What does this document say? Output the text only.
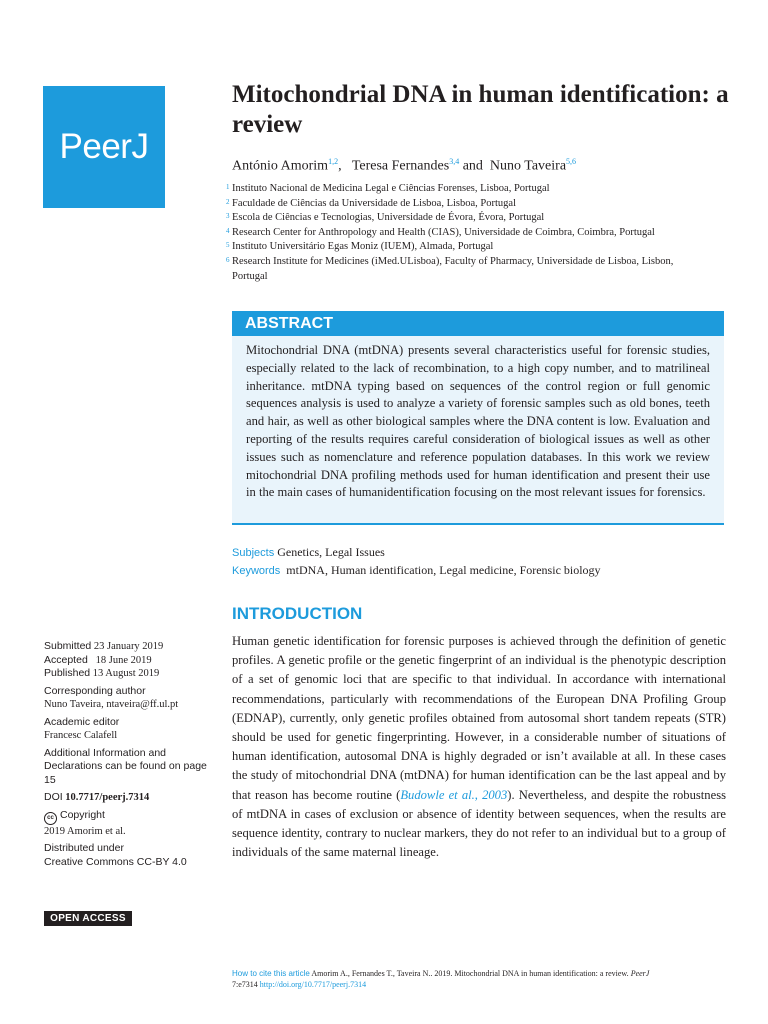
PeerJ
Mitochondrial DNA in human identification: a review

António Amorim$^{1,2}$,   Teresa Fernandes$^{3,4}$ and  Nuno Taveira$^{5,6}$

1 Instituto Nacional de Medicina Legal e Ciências Forenses, Lisboa, Portugal
2 Faculdade de Ciências da Universidade de Lisboa, Lisboa, Portugal
3 Escola de Ciências e Tecnologias, Universidade de Évora, Évora, Portugal
4 Research Center for Anthropology and Health (CIAS), Universidade de Coimbra, Coimbra, Portugal
5 Instituto Universitário Egas Moniz (IUEM), Almada, Portugal
6 Research Institute for Medicines (iMed.ULisboa), Faculty of Pharmacy, Universidade de Lisboa, Lisbon, Portugal
ABSTRACT
Mitochondrial DNA (mtDNA) presents several characteristics useful for forensic studies, especially related to the lack of recombination, to a high copy number, and to matrilineal inheritance. mtDNA typing based on sequences of the control region or full genomic sequences analysis is used to analyze a variety of forensic samples such as old bones, teeth and hair, as well as other biological samples where the DNA content is low. Evaluation and reporting of the results requires careful consideration of biological issues as well as other issues such as nomenclature and reference population databases. In this work we review mitochondrial DNA profiling methods used for human identification and present their use in the main cases of humanidentification focusing on the most relevant issues for forensics.
Subjects Genetics, Legal Issues
Keywords mtDNA, Human identification, Legal medicine, Forensic biology
INTRODUCTION

Human genetic identification for forensic purposes is achieved through the definition of genetic profiles. A genetic profile or the genetic fingerprint of an individual is the phenotypic description of a set of genomic loci that are specific to that individual. In accordance with international recommendations, particularly with recommendations of the European DNA Profiling Group (EDNAP), currently, only genetic profiles obtained from autosomal short tandem repeats (STR) should be used for genetic fingerprinting. However, in a considerable number of situations of human identification, autosomal DNA is highly degraded or isn’t available at all. In these cases the study of mitochondrial DNA (mtDNA) for human identification can be the last appeal and by that reason has become routine (Budowle et al., 2003). Nevertheless, and despite the robustness of mtDNA in cases of exclusion or absence of identity between sequences, when the results are sequence identity, contrary to nuclear markers, they do not refer to an individual but to a group of individuals of the same maternal lineage.

Submitted 23 January 2019
Accepted 18 June 2019
Published 13 August 2019
Corresponding author
Nuno Taveira, ntaveira@ff.ul.pt
Academic editor
Francesc Calafell
Additional Information and Declarations can be found on page 15
DOI 10.7717/peerj.7314
cc Copyright
2019 Amorim et al.
Distributed under
Creative Commons CC-BY 4.0
OPEN ACCESS
How to cite this article Amorim A., Fernandes T., Taveira N.. 2019. Mitochondrial DNA in human identification: a review. PeerJ
7:e7314 http://doi.org/10.7717/peerj.7314
